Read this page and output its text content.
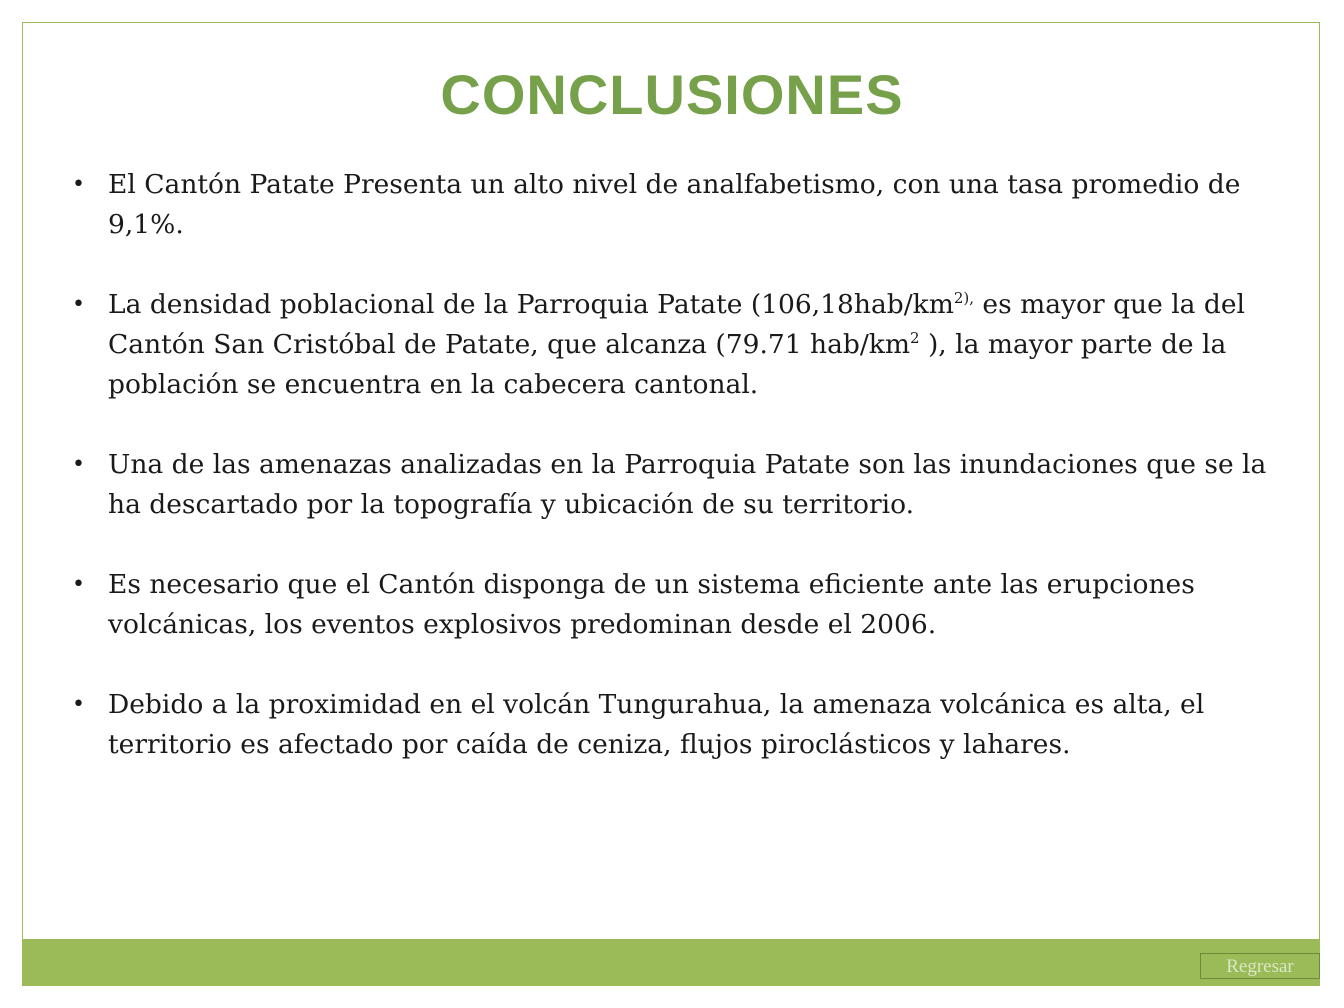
CONCLUSIONES
• El Cantón Patate Presenta un alto nivel de analfabetismo, con una tasa promedio de 9,1%.
• La densidad poblacional de la Parroquia Patate ($106,18hab/km^{2),}$ es mayor que la del Cantón San Cristóbal de Patate, que alcanza (79.71 hab/$km^2$ ), la mayor parte de la población se encuentra en la cabecera cantonal.
• Una de las amenazas analizadas en la Parroquia Patate son las inundaciones que se la ha descartado por la topografía y ubicación de su territorio.
• Es necesario que el Cantón disponga de un sistema eficiente ante las erupciones volcánicas, los eventos explosivos predominan desde el 2006.
• Debido a la proximidad en el volcán Tungurahua, la amenaza volcánica es alta, el territorio es afectado por caída de ceniza, flujos piroclásticos y lahares.
Regresar
